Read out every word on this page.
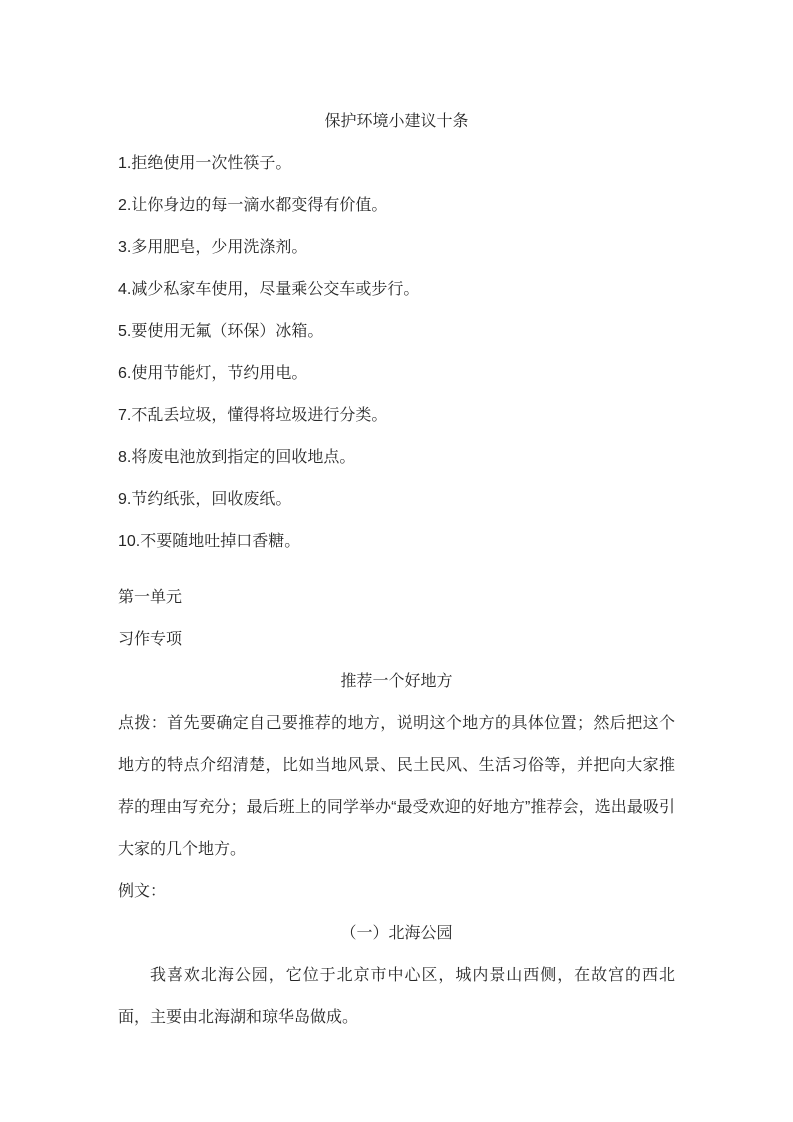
保护环境小建议十条

1.拒绝使用一次性筷子。

2.让你身边的每一滴水都变得有价值。

3.多用肥皂，少用洗涤剂。

4.减少私家车使用，尽量乘公交车或步行。

5.要使用无氟（环保）冰箱。

6.使用节能灯，节约用电。

7.不乱丢垃圾，懂得将垃圾进行分类。

8.将废电池放到指定的回收地点。

9.节约纸张，回收废纸。

10.不要随地吐掉口香糖。

第一单元

习作专项

推荐一个好地方

点拨：首先要确定自己要推荐的地方，说明这个地方的具体位置；然后把这个地方的特点介绍清楚，比如当地风景、民土民风、生活习俗等，并把向大家推荐的理由写充分；最后班上的同学举办“最受欢迎的好地方”推荐会，选出最吸引大家的几个地方。

例文：

（一）北海公园

我喜欢北海公园，它位于北京市中心区，城内景山西侧，在故宫的西北面，主要由北海湖和琼华岛做成。
